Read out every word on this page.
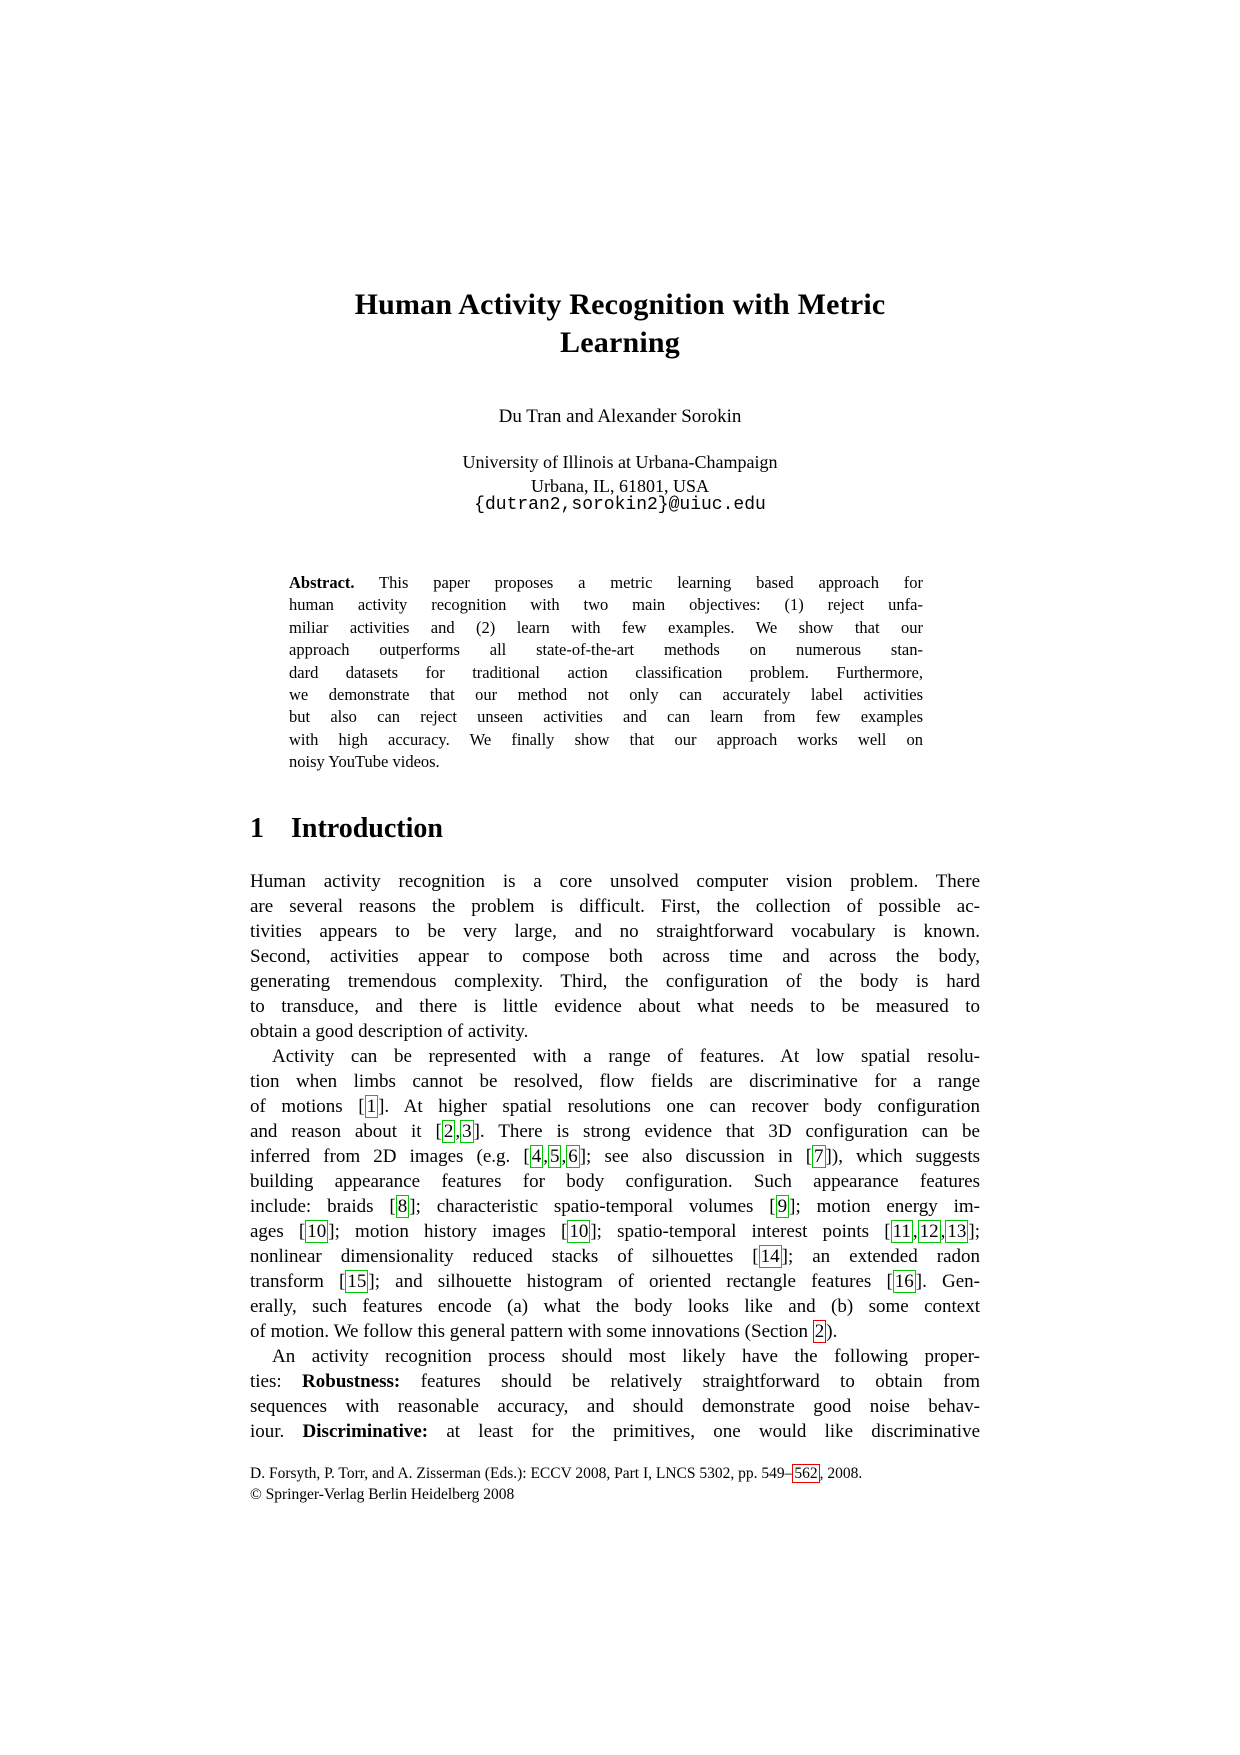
Human Activity Recognition with Metric
Learning
Du Tran and Alexander Sorokin
University of Illinois at Urbana-Champaign
Urbana, IL, 61801, USA
{dutran2,sorokin2}@uiuc.edu
Abstract. This paper proposes a metric learning based approach for
human activity recognition with two main objectives: (1) reject unfa-
miliar activities and (2) learn with few examples. We show that our
approach outperforms all state-of-the-art methods on numerous stan-
dard datasets for traditional action classification problem. Furthermore,
we demonstrate that our method not only can accurately label activities
but also can reject unseen activities and can learn from few examples
with high accuracy. We finally show that our approach works well on
noisy YouTube videos.
1 Introduction
Human activity recognition is a core unsolved computer vision problem. There
are several reasons the problem is difficult. First, the collection of possible ac-
tivities appears to be very large, and no straightforward vocabulary is known.
Second, activities appear to compose both across time and across the body,
generating tremendous complexity. Third, the configuration of the body is hard
to transduce, and there is little evidence about what needs to be measured to
obtain a good description of activity.
Activity can be represented with a range of features. At low spatial resolu-
tion when limbs cannot be resolved, flow fields are discriminative for a range
of motions [ 1 ]. At higher spatial resolutions one can recover body configuration
and reason about it [ 2 , 3 ]. There is strong evidence that 3D configuration can be
inferred from 2D images (e.g. [ 4 , 5 , 6 ]; see also discussion in [ 7 ]), which suggests
building appearance features for body configuration. Such appearance features
include: braids [ 8 ]; characteristic spatio-temporal volumes [ 9 ]; motion energy im-
ages [ 10 ]; motion history images [ 10 ]; spatio-temporal interest points [ 11 , 12 , 13 ];
nonlinear dimensionality reduced stacks of silhouettes [ 14 ]; an extended radon
transform [ 15 ]; and silhouette histogram of oriented rectangle features [ 16 ]. Gen-
erally, such features encode (a) what the body looks like and (b) some context
of motion. We follow this general pattern with some innovations (Section 2 ).
An activity recognition process should most likely have the following proper-
ties: Robustness: features should be relatively straightforward to obtain from
sequences with reasonable accuracy, and should demonstrate good noise behav-
iour. Discriminative: at least for the primitives, one would like discriminative
D. Forsyth, P. Torr, and A. Zisserman (Eds.): ECCV 2008, Part I, LNCS 5302, pp. 549– 562 , 2008.
© Springer-Verlag Berlin Heidelberg 2008
